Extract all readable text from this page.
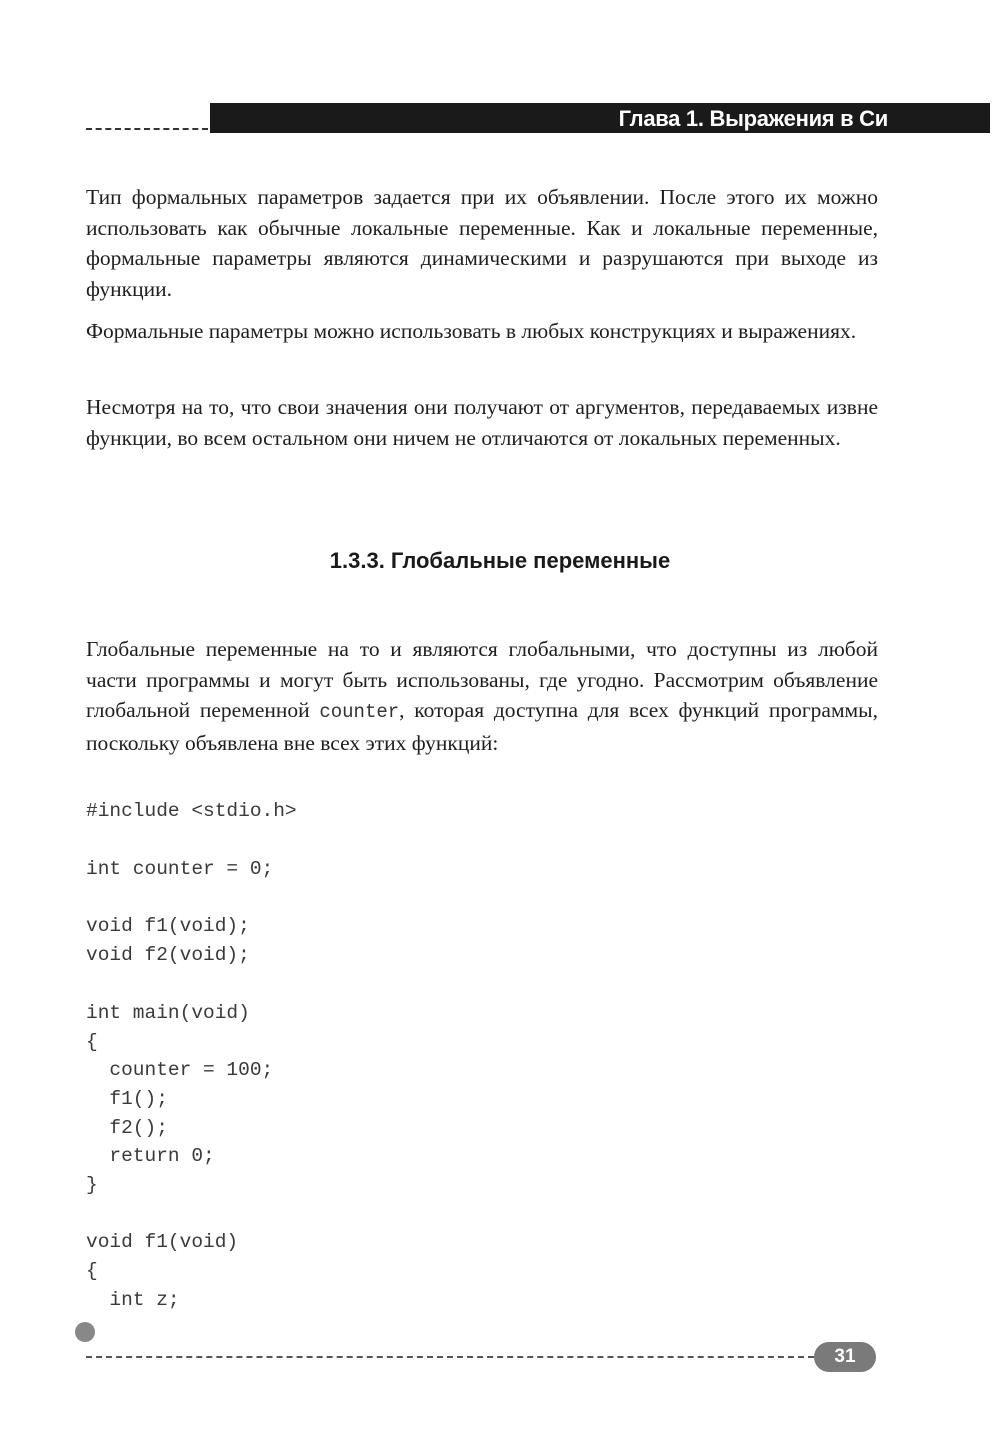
Глава 1. Выражения в Си

Тип формальных параметров задается при их объявлении. После этого их можно использовать как обычные локальные переменные. Как и локальные переменные, формальные параметры являются динамическими и разрушаются при выходе из функции.

Формальные параметры можно использовать в любых конструкциях и выражениях.

Несмотря на то, что свои значения они получают от аргументов, передаваемых извне функции, во всем остальном они ничем не отличаются от локальных переменных.

1.3.3. Глобальные переменные

Глобальные переменные на то и являются глобальными, что доступны из любой части программы и могут быть использованы, где угодно. Рассмотрим объявление глобальной переменной counter, которая доступна для всех функций программы, поскольку объявлена вне всех этих функций:

#include <stdio.h>
int counter = 0;
void f1(void);
void f2(void);
int main(void)
{
counter = 100;
f1();
f2();
return 0;
}
void f1(void)
{
int z;
31
